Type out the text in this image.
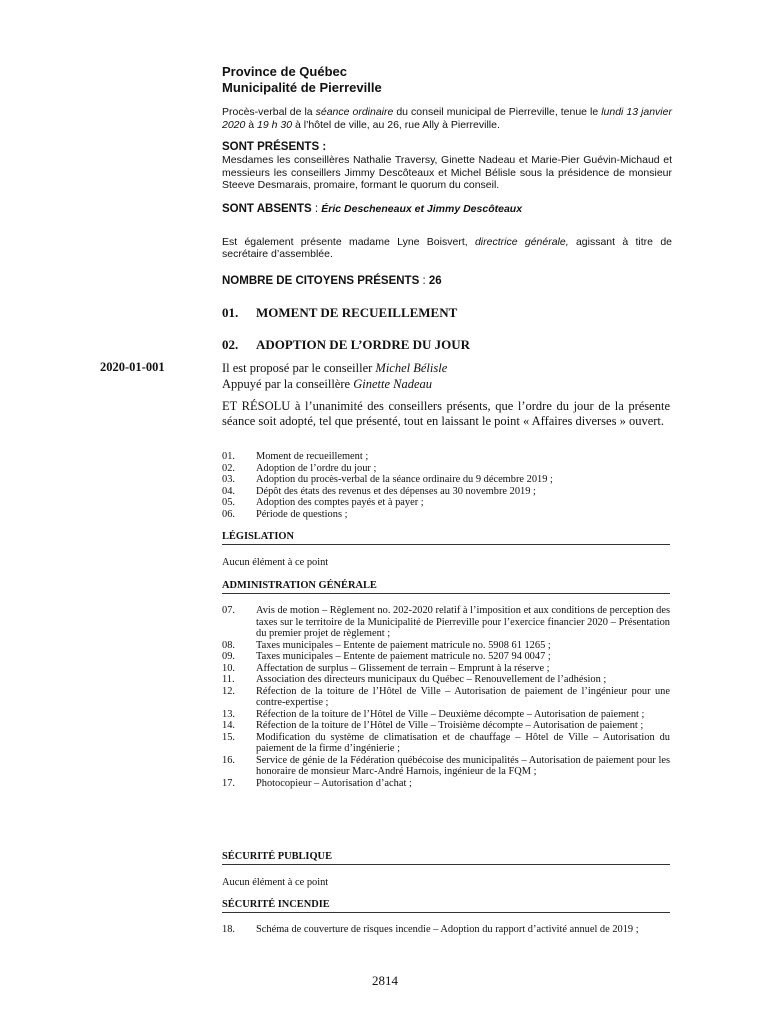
Province de Québec

Municipalité de Pierreville

Procès-verbal de la séance ordinaire du conseil municipal de Pierreville, tenue le lundi 13 janvier 2020 à 19 h 30 à l’hôtel de ville, au 26, rue Ally à Pierreville.

SONT PRÉSENTS :

Mesdames les conseillères Nathalie Traversy, Ginette Nadeau et Marie-Pier Guévin-Michaud et messieurs les conseillers Jimmy Descôteaux et Michel Bélisle sous la présidence de monsieur Steeve Desmarais, promaire, formant le quorum du conseil.

SONT ABSENTS : Éric Descheneaux et Jimmy Descôteaux

Est également présente madame Lyne Boisvert, directrice générale, agissant à titre de secrétaire d’assemblée.

NOMBRE DE CITOYENS PRÉSENTS : 26

01. MOMENT DE RECUEILLEMENT
02. ADOPTION DE L’ORDRE DU JOUR
2020-01-001	Il est proposé par le conseiller Michel Bélisle
Appuyé par la conseillère Ginette Nadeau

ET RÉSOLU à l’unanimité des conseillers présents, que l’ordre du jour de la présente séance soit adopté, tel que présenté, tout en laissant le point « Affaires diverses » ouvert.

01.	Moment de recueillement ;
02.	Adoption de l’ordre du jour ;
03.	Adoption du procès-verbal de la séance ordinaire du 9 décembre 2019 ;
04.	Dépôt des états des revenus et des dépenses au 30 novembre 2019 ;
05.	Adoption des comptes payés et à payer ;
06.	Période de questions ;
LÉGISLATION
Aucun élément à ce point
ADMINISTRATION GÉNÉRALE
07.	Avis de motion – Règlement no. 202-2020 relatif à l’imposition et aux conditions de perception des taxes sur le territoire de la Municipalité de Pierreville pour l’exercice financier 2020 – Présentation du premier projet de règlement ;
08.	Taxes municipales – Entente de paiement matricule no. 5908 61 1265 ;
09.	Taxes municipales – Entente de paiement matricule no. 5207 94 0047 ;
10.	Affectation de surplus – Glissement de terrain – Emprunt à la réserve ;
11.	Association des directeurs municipaux du Québec – Renouvellement de l’adhésion ;
12.	Réfection de la toiture de l’Hôtel de Ville – Autorisation de paiement de l’ingénieur pour une contre-expertise ;
13.	Réfection de la toiture de l’Hôtel de Ville – Deuxième décompte – Autorisation de paiement ;
14.	Réfection de la toiture de l’Hôtel de Ville – Troisième décompte – Autorisation de paiement ;
15.	Modification du système de climatisation et de chauffage – Hôtel de Ville – Autorisation du paiement de la firme d’ingénierie ;
16.	Service de génie de la Fédération québécoise des municipalités – Autorisation de paiement pour les honoraire de monsieur Marc-André Harnois, ingénieur de la FQM ;
17.	Photocopieur – Autorisation d’achat ;
SÉCURITÉ PUBLIQUE
Aucun élément à ce point
SÉCURITÉ INCENDIE
18.	Schéma de couverture de risques incendie – Adoption du rapport d’activité annuel de 2019 ;
2814
